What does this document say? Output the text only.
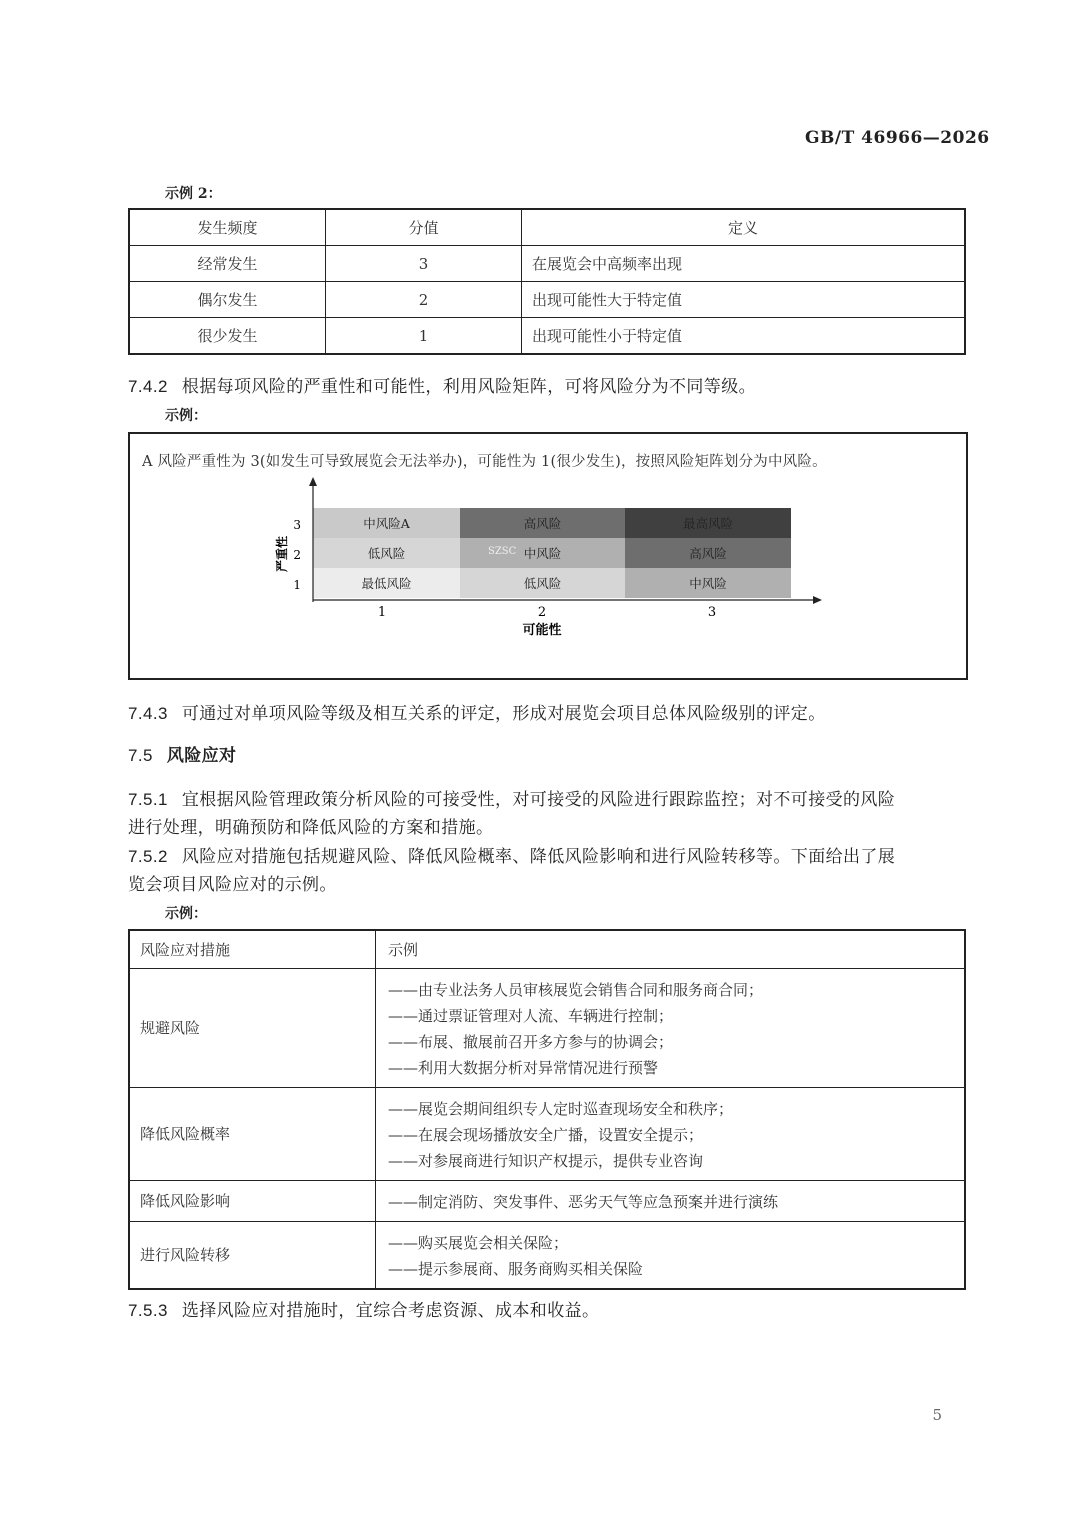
GB/T 46966—2026
示例 2：
发生频度	分值	定义
经常发生	3	在展览会中高频率出现
偶尔发生	2	出现可能性大于特定值
很少发生	1	出现可能性小于特定值
7.4.2 根据每项风险的严重性和可能性，利用风险矩阵，可将风险分为不同等级。
示例：
A 风险严重性为 3(如发生可导致展览会无法举办)，可能性为 1(很少发生)，按照风险矩阵划分为中风险。
中风险A	高风险	最高风险
低风险	中风险	高风险
最低风险	低风险	中风险
SZSC
1	2	3
可能性
3
2
1
严重性
7.4.3 可通过对单项风险等级及相互关系的评定，形成对展览会项目总体风险级别的评定。
7.5 风险应对
7.5.1 宜根据风险管理政策分析风险的可接受性，对可接受的风险进行跟踪监控；对不可接受的风险
进行处理，明确预防和降低风险的方案和措施。
7.5.2 风险应对措施包括规避风险、降低风险概率、降低风险影响和进行风险转移等。下面给出了展
览会项目风险应对的示例。
示例：
风险应对措施	示例
规避风险	——由专业法务人员审核展览会销售合同和服务商合同；
——通过票证管理对人流、车辆进行控制；
——布展、撤展前召开多方参与的协调会；
——利用大数据分析对异常情况进行预警

降低风险概率	——展览会期间组织专人定时巡查现场安全和秩序；
——在展会现场播放安全广播，设置安全提示；
——对参展商进行知识产权提示，提供专业咨询

降低风险影响	——制定消防、突发事件、恶劣天气等应急预案并进行演练

进行风险转移	——购买展览会相关保险；
——提示参展商、服务商购买相关保险
7.5.3 选择风险应对措施时，宜综合考虑资源、成本和收益。
5
